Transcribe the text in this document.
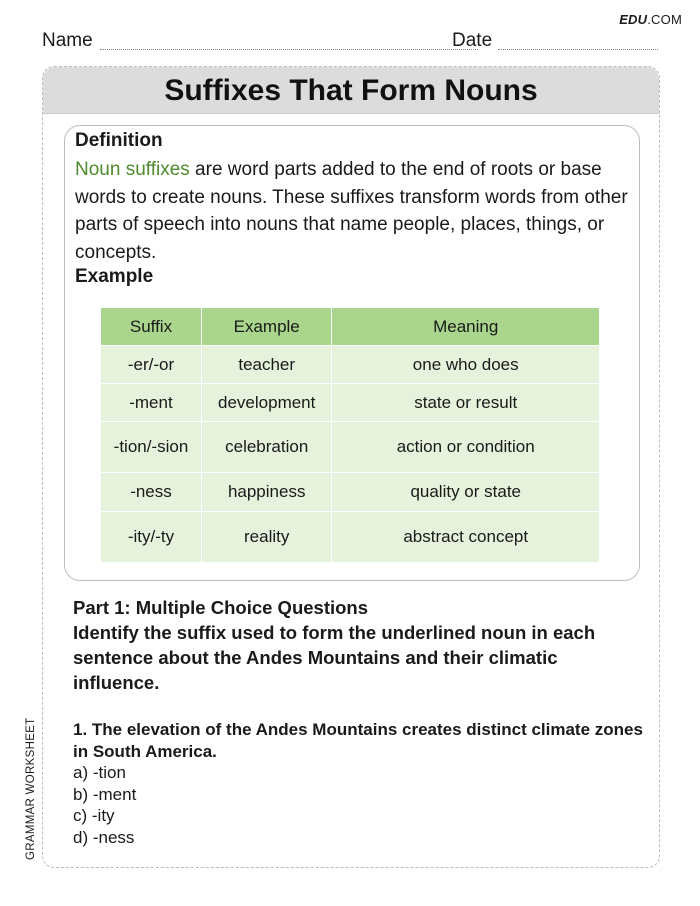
EDU.COM
Name	Date
Suffixes That Form Nouns
Definition
Noun suffixes are word parts added to the end of roots or base words to create nouns. These suffixes transform words from other parts of speech into nouns that name people, places, things, or concepts.
Example
Suffix	Example	Meaning
-er/-or	teacher	one who does
-ment	development	state or result
-tion/-sion	celebration	action or condition
-ness	happiness	quality or state
-ity/-ty	reality	abstract concept
Part 1: Multiple Choice Questions
Identify the suffix used to form the underlined noun in each sentence about the Andes Mountains and their climatic influence.
1. The elevation of the Andes Mountains creates distinct climate zones in South America.
a) -tion
b) -ment
c) -ity
d) -ness
GRAMMAR WORKSHEET
